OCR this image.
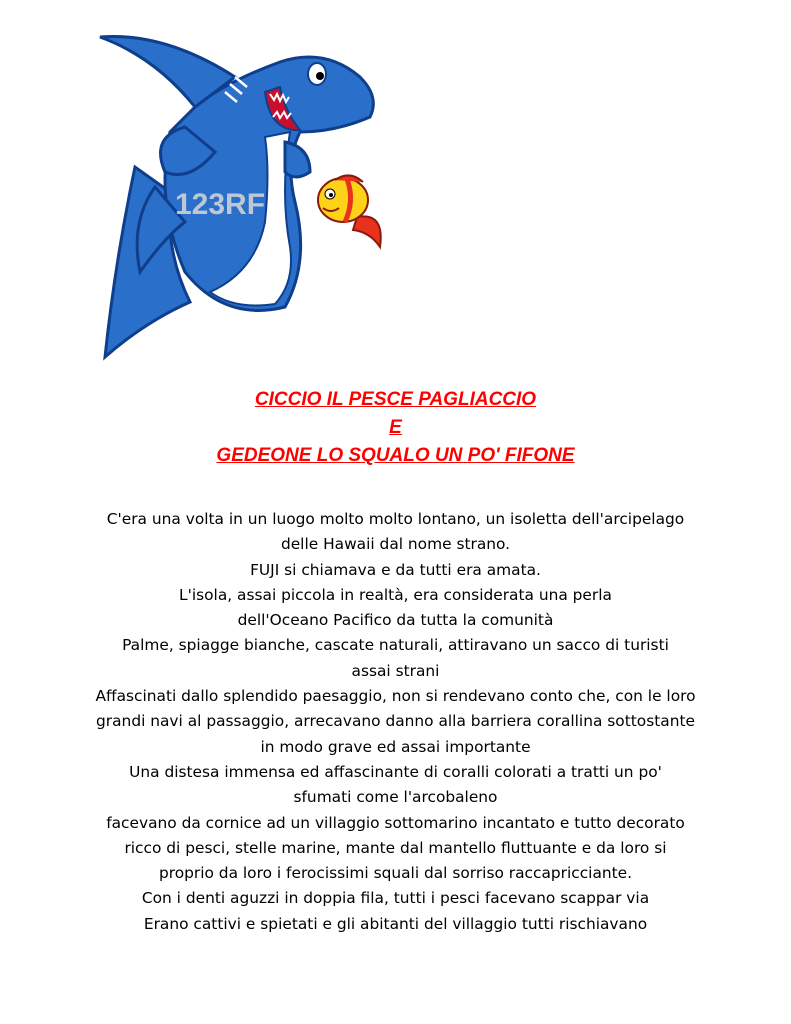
123RF
CICCIO IL PESCE PAGLIACCIO
E
GEDEONE LO SQUALO UN PO' FIFONE
C'era una volta in un luogo molto molto lontano, un isoletta dell'arcipelago
delle Hawaii dal nome strano.
FUJI si chiamava e da tutti era amata.
L'isola, assai piccola in realtà, era considerata una perla
dell'Oceano Pacifico da tutta la comunità
Palme, spiagge bianche, cascate naturali, attiravano un sacco di turisti
assai strani
Affascinati dallo splendido paesaggio, non si rendevano conto che, con le loro
grandi navi al passaggio, arrecavano danno alla barriera corallina sottostante
in modo grave ed assai importante
Una distesa immensa ed affascinante di coralli colorati a tratti un po'
sfumati come l'arcobaleno
facevano da cornice ad un villaggio sottomarino incantato e tutto decorato
ricco di pesci, stelle marine, mante dal mantello fluttuante e da loro si
proprio da loro i ferocissimi squali dal sorriso raccapricciante.
Con i denti aguzzi in doppia fila, tutti i pesci facevano scappar via
Erano cattivi e spietati e gli abitanti del villaggio tutti rischiavano
